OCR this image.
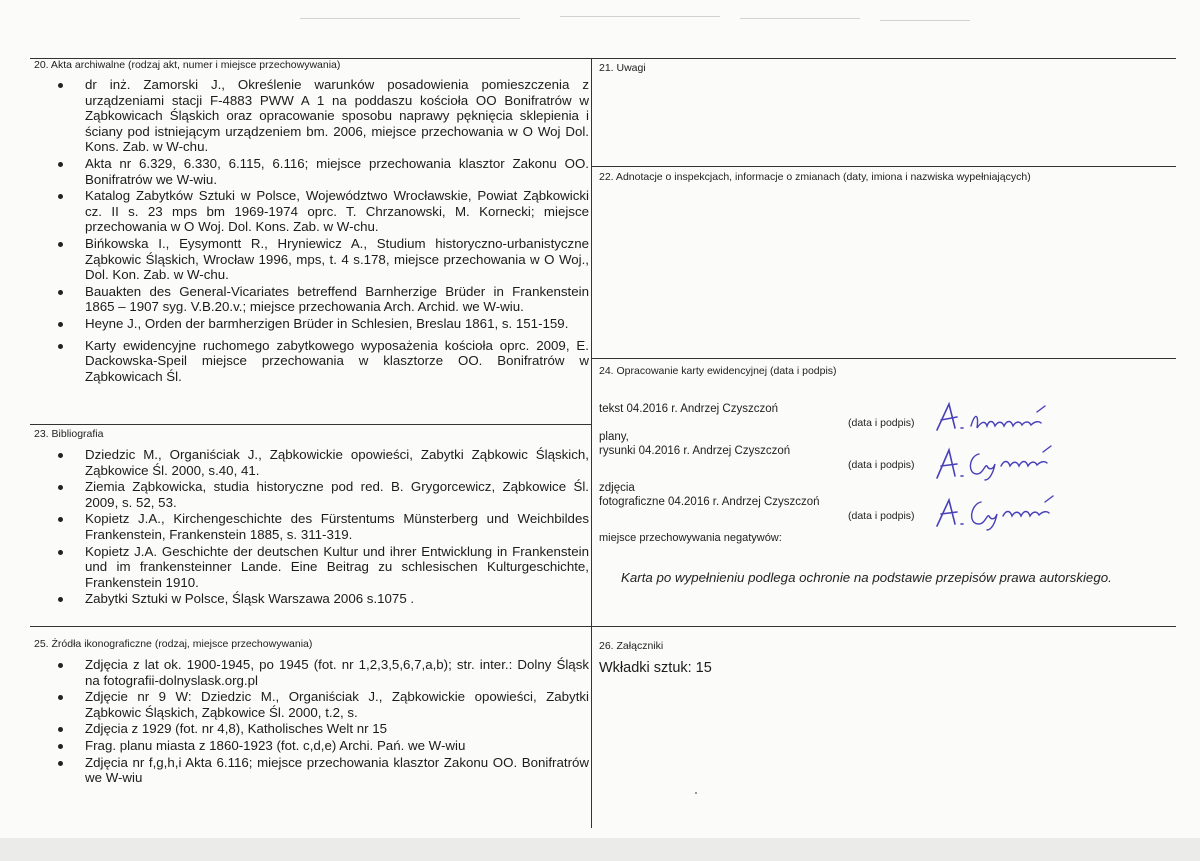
20. Akta archiwalne (rodzaj akt, numer i miejsce przechowywania)
dr inż. Zamorski J., Określenie warunków posadowienia pomieszczenia z urządzeniami stacji F-4883 PWW A 1 na poddaszu kościoła OO Bonifratrów w Ząbkowicach Śląskich oraz opracowanie sposobu naprawy pęknięcia sklepienia i ściany pod istniejącym urządzeniem bm. 2006, miejsce przechowania w O Woj Dol. Kons. Zab. w W-chu.
Akta nr 6.329, 6.330, 6.115, 6.116; miejsce przechowania klasztor Zakonu OO. Bonifratrów we W-wiu.
Katalog Zabytków Sztuki w Polsce, Województwo Wrocławskie, Powiat Ząbkowicki cz. II s. 23 mps bm 1969-1974 oprc. T. Chrzanowski, M. Kornecki; miejsce przechowania w O Woj. Dol. Kons. Zab. w W-chu.
Bińkowska I., Eysymontt R., Hryniewicz A., Studium historyczno-urbanistyczne Ząbkowic Śląskich, Wrocław 1996, mps, t. 4 s.178, miejsce przechowania w O Woj., Dol. Kon. Zab. w W-chu.
Bauakten des General-Vicariates betreffend Barnherzige Brüder in Frankenstein 1865 – 1907 syg. V.B.20.v.; miejsce przechowania Arch. Archid. we W-wiu.
Heyne J., Orden der barmherzigen Brüder in Schlesien, Breslau 1861, s. 151-159.
Karty ewidencyjne ruchomego zabytkowego wyposażenia kościoła oprc. 2009, E. Dackowska-Speil miejsce przechowania w klasztorze OO. Bonifratrów w Ząbkowicach Śl.
23. Bibliografia
Dziedzic M., Organiściak J., Ząbkowickie opowieści, Zabytki Ząbkowic Śląskich, Ząbkowice Śl. 2000, s.40, 41.
Ziemia Ząbkowicka, studia historyczne pod red. B. Grygorcewicz, Ząbkowice Śl. 2009, s. 52, 53.
Kopietz J.A., Kirchengeschichte des Fürstentums Münsterberg und Weichbildes Frankenstein, Frankenstein 1885, s. 311-319.
Kopietz J.A. Geschichte der deutschen Kultur und ihrer Entwicklung in Frankenstein und im frankensteinner Lande. Eine Beitrag zu schlesischen Kulturgeschichte, Frankenstein 1910.
Zabytki Sztuki w Polsce, Śląsk Warszawa 2006 s.1075 .
25. Źródła ikonograficzne (rodzaj, miejsce przechowywania)
Zdjęcia z lat ok. 1900-1945, po 1945 (fot. nr 1,2,3,5,6,7,a,b); str. inter.: Dolny Śląsk na fotografii-dolnyslask.org.pl
Zdjęcie nr 9 W: Dziedzic M., Organiściak J., Ząbkowickie opowieści, Zabytki Ząbkowic Śląskich, Ząbkowice Śl. 2000, t.2, s.
Zdjęcia z 1929 (fot. nr 4,8), Katholisches Welt nr 15
Frag. planu miasta z 1860-1923 (fot. c,d,e) Archi. Pań. we W-wiu
Zdjęcia nr f,g,h,i Akta 6.116; miejsce przechowania klasztor Zakonu OO. Bonifratrów we W-wiu
21. Uwagi
22. Adnotacje o inspekcjach, informacje o zmianach (daty, imiona i nazwiska wypełniających)
24. Opracowanie karty ewidencyjnej (data i podpis)
tekst 04.2016 r. Andrzej Czyszczoń
(data i podpis)
plany,
rysunki 04.2016 r. Andrzej Czyszczoń
(data i podpis)
zdjęcia
fotograficzne 04.2016 r. Andrzej Czyszczoń
(data i podpis)
miejsce przechowywania negatywów:
Karta po wypełnieniu podlega ochronie na podstawie przepisów prawa autorskiego.
26. Załączniki
Wkładki sztuk: 15
